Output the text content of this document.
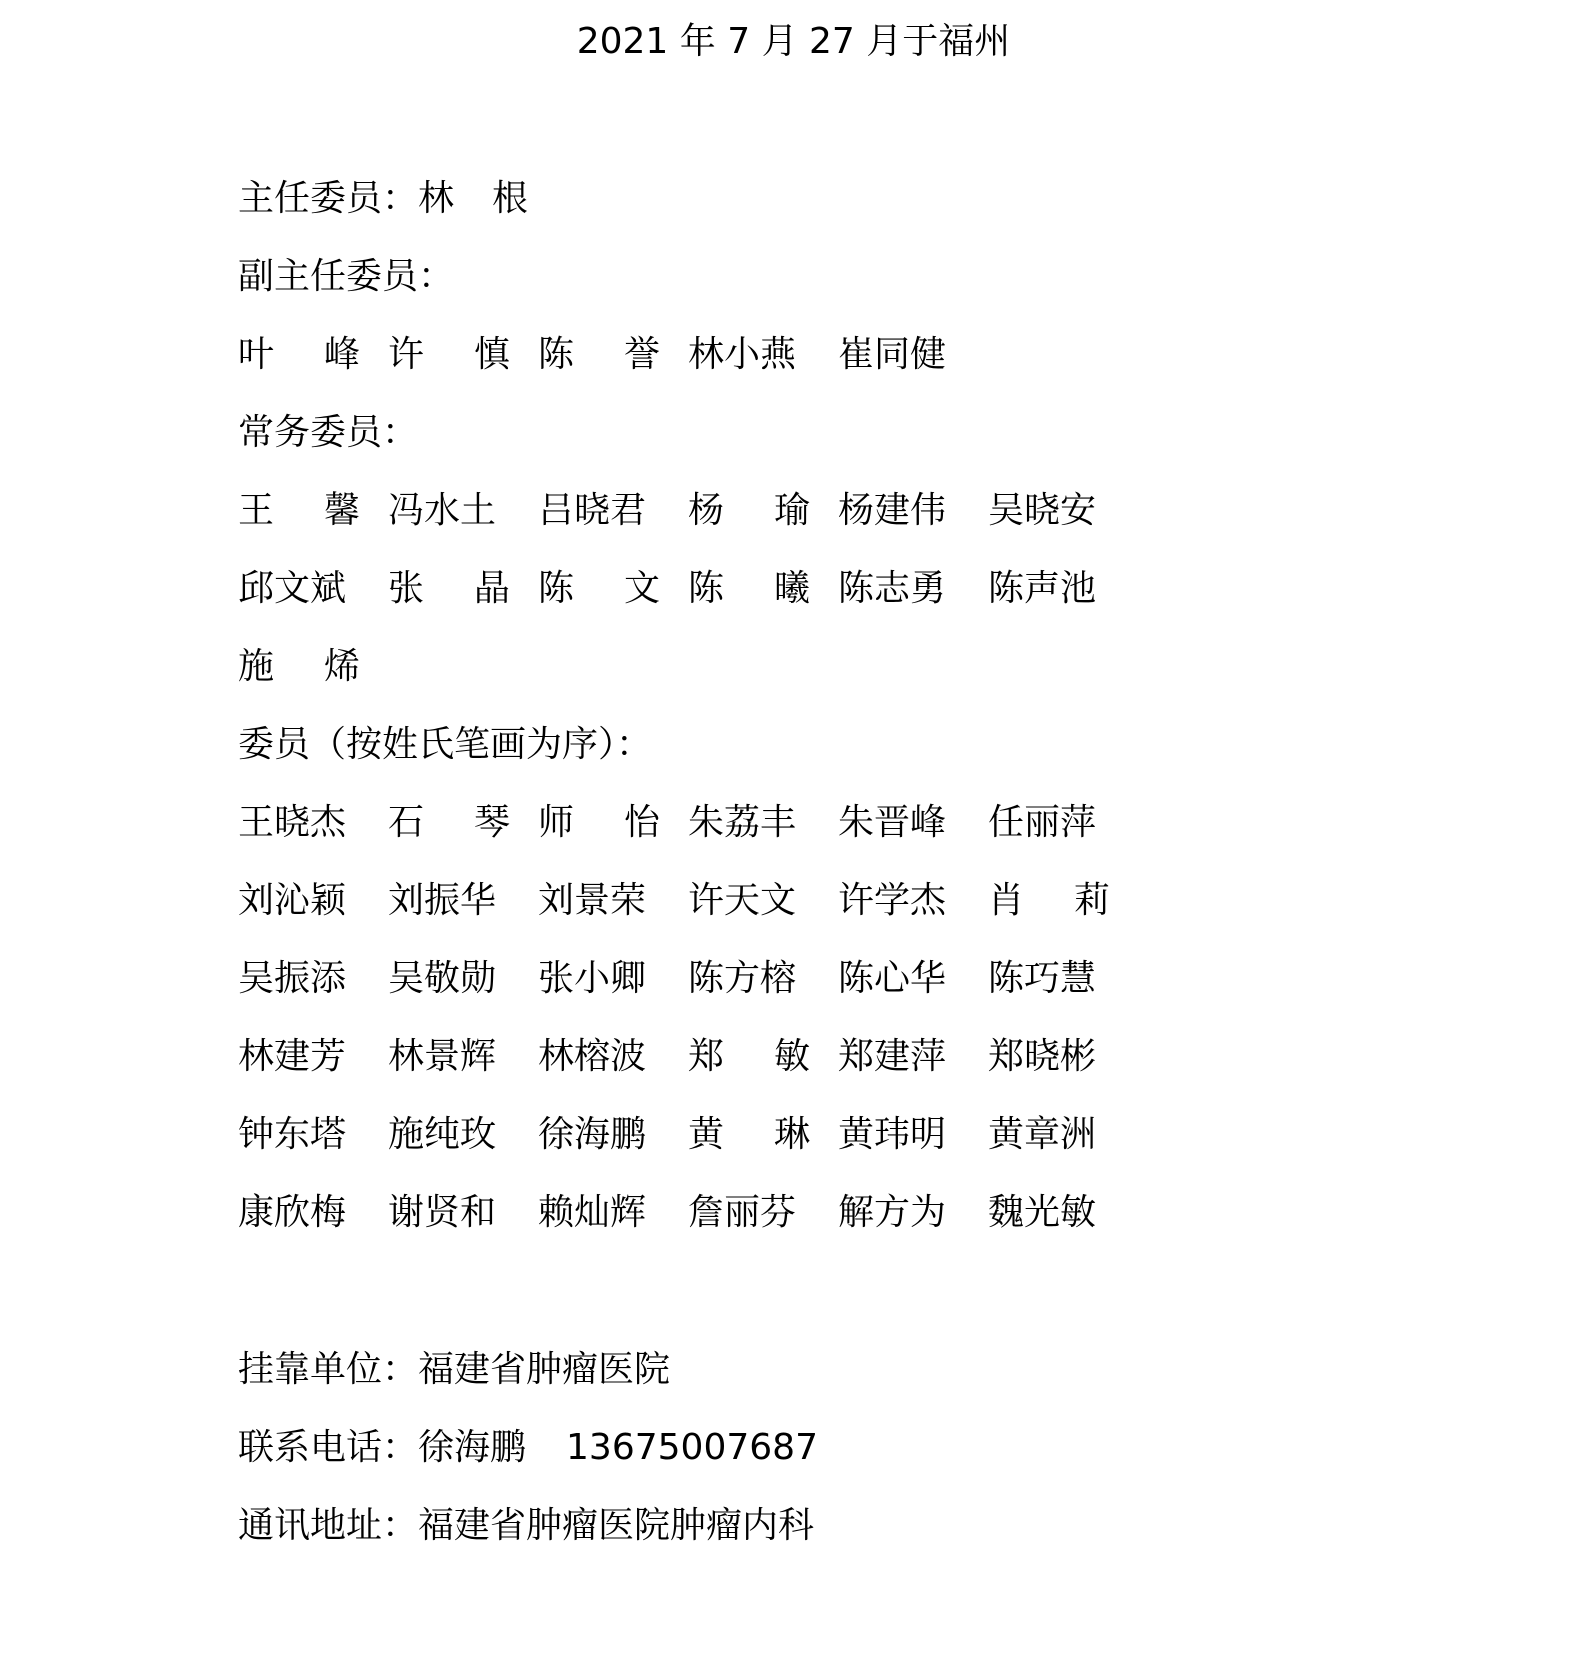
2021 年 7 月 27 月于福州
主任委员：林 根
副主任委员：
叶 峰 许 慎 陈 誉 林 小 燕 崔 同 健
常务委员：
王 馨 冯 水 土 吕 晓 君 杨 瑜 杨 建 伟 吴 晓 安
邱 文 斌 张 晶 陈 文 陈 曦 陈 志 勇 陈 声 池
施 烯
委员（按姓氏笔画为序）：
王 晓 杰 石 琴 师 怡 朱 荔 丰 朱 晋 峰 任 丽 萍
刘 沁 颖 刘 振 华 刘 景 荣 许 天 文 许 学 杰 肖 莉
吴 振 添 吴 敬 勋 张 小 卿 陈 方 榕 陈 心 华 陈 巧 慧
林 建 芳 林 景 辉 林 榕 波 郑 敏 郑 建 萍 郑 晓 彬
钟 东 塔 施 纯 玫 徐 海 鹏 黄 琳 黄 玮 明 黄 章 洲
康 欣 梅 谢 贤 和 赖 灿 辉 詹 丽 芬 解 方 为 魏 光 敏
挂靠单位：福建省肿瘤医院
联系电话：徐海鹏 13675007687
通讯地址：福建省肿瘤医院肿瘤内科
